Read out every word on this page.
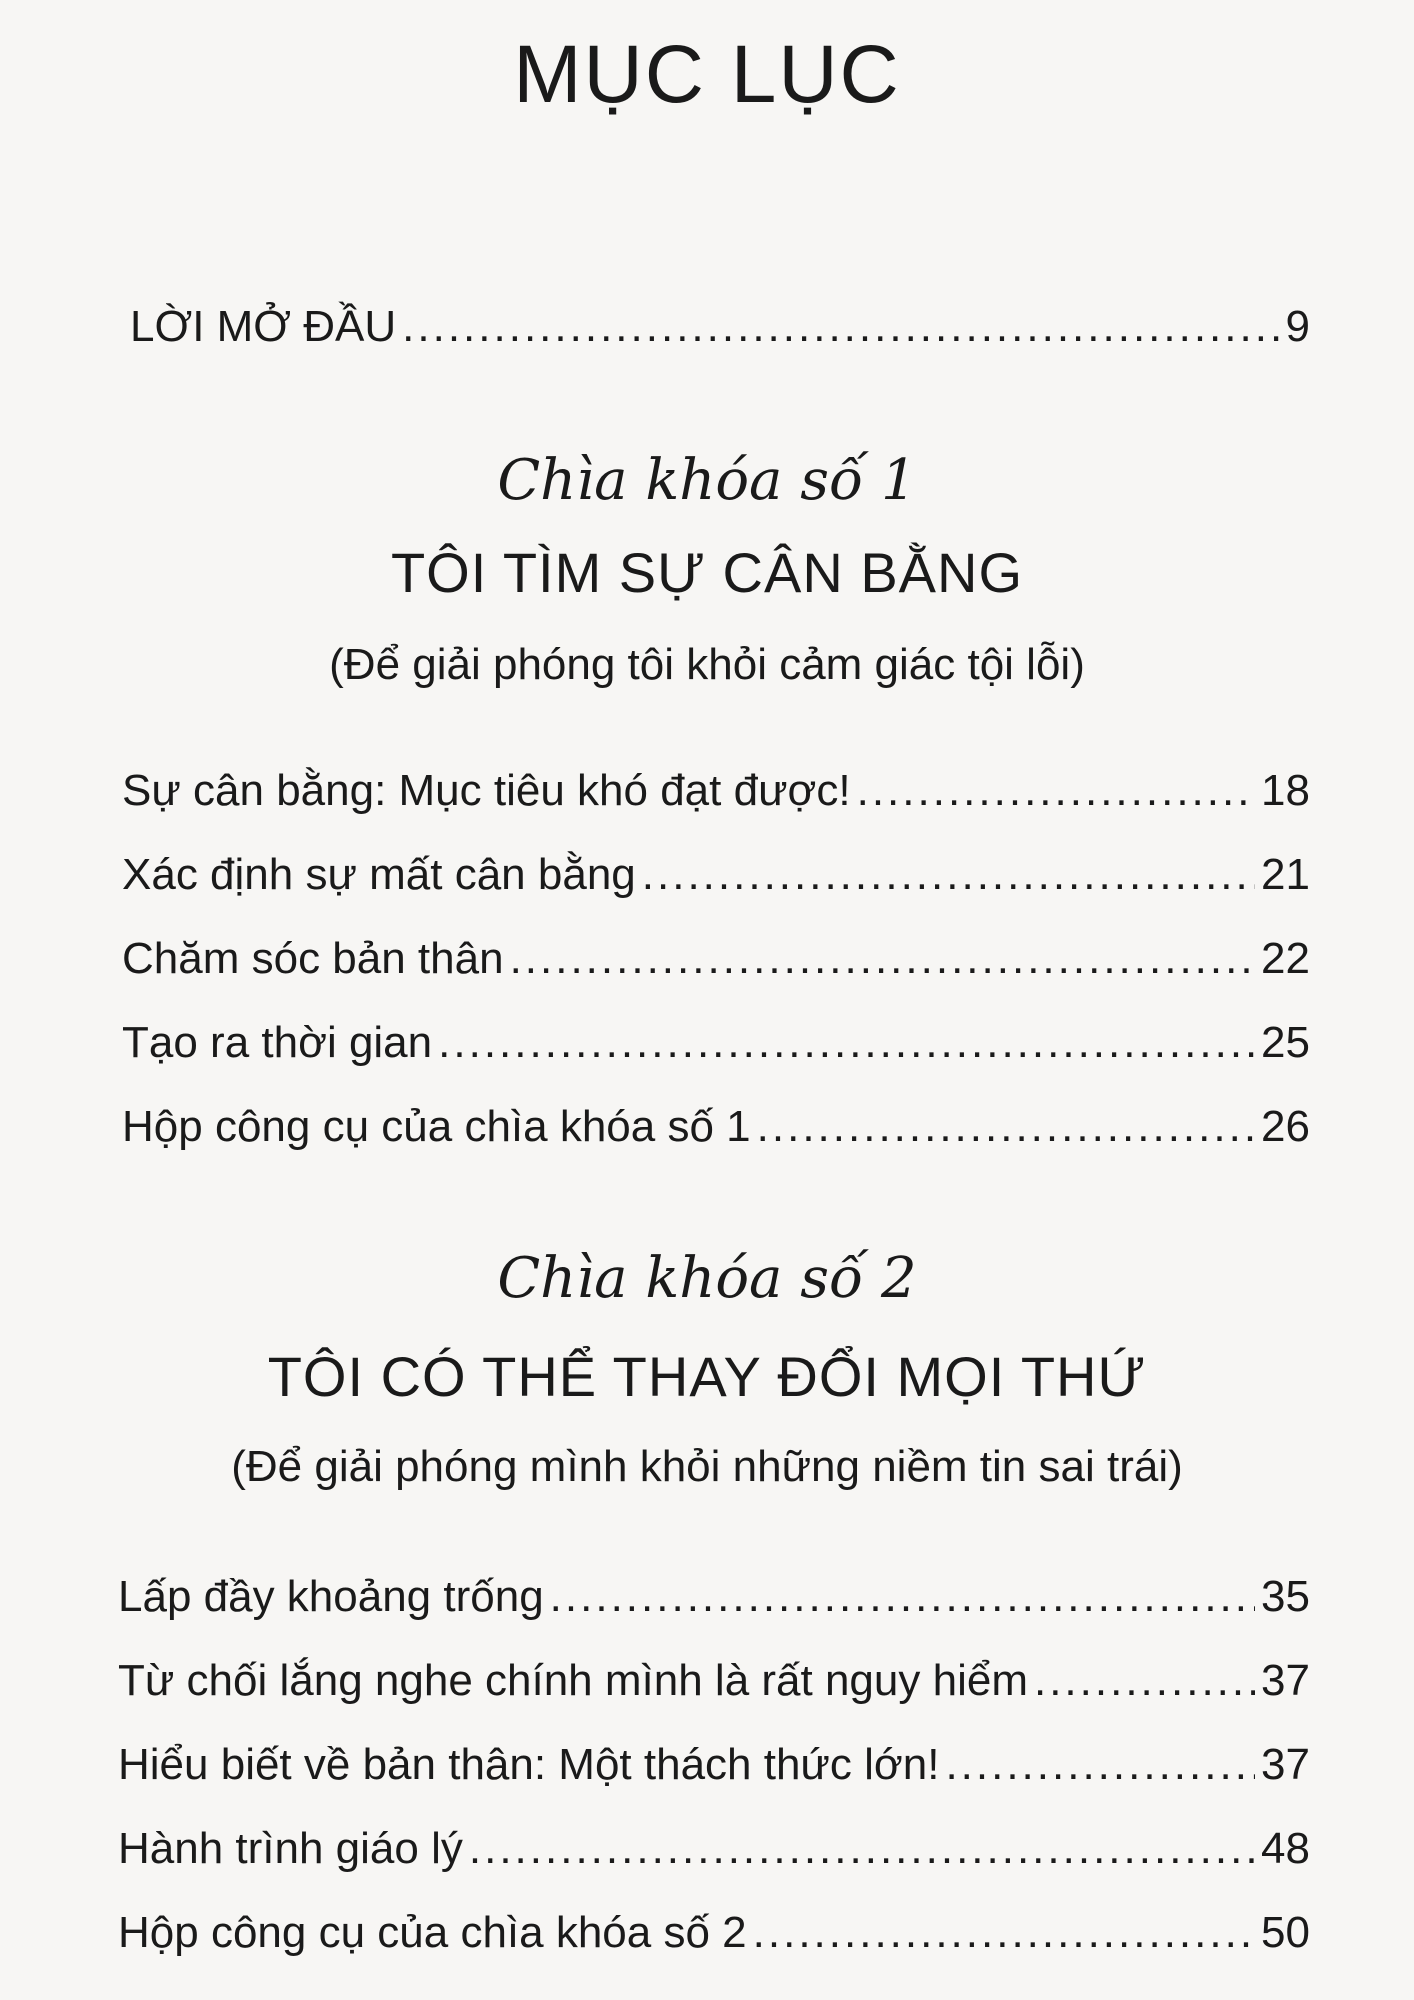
MỤC LỤC
LỜI MỞ ĐẦU .....	9
Chìa khóa số 1
TÔI TÌM SỰ CÂN BẰNG
(Để giải phóng tôi khỏi cảm giác tội lỗi)
Sự cân bằng: Mục tiêu khó đạt được! .....	18
Xác định sự mất cân bằng .....	21
Chăm sóc bản thân .....	22
Tạo ra thời gian .....	25
Hộp công cụ của chìa khóa số 1 .....	26
Chìa khóa số 2
TÔI CÓ THỂ THAY ĐỔI MỌI THỨ
(Để giải phóng mình khỏi những niềm tin sai trái)
Lấp đầy khoảng trống .....	35
Từ chối lắng nghe chính mình là rất nguy hiểm .....	37
Hiểu biết về bản thân: Một thách thức lớn! .....	37
Hành trình giáo lý .....	48
Hộp công cụ của chìa khóa số 2 .....	50
